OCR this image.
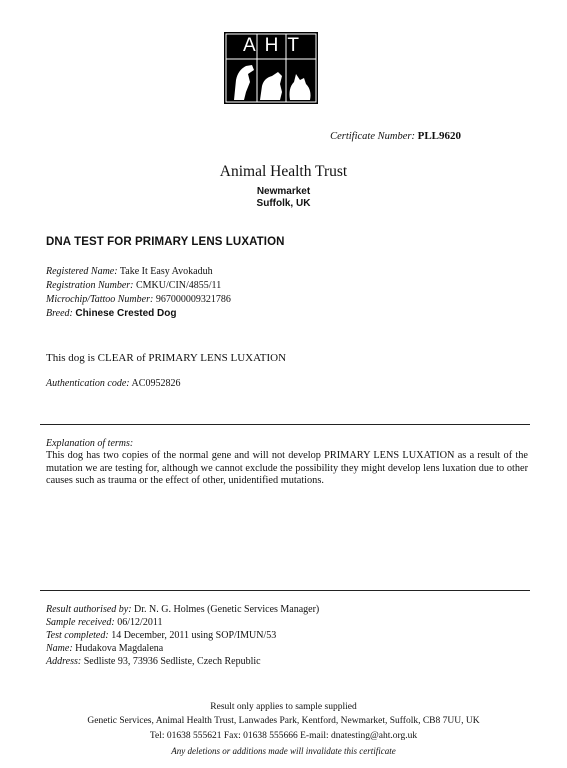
AHT
Certificate Number: PLL9620
Animal Health Trust
Newmarket
Suffolk, UK
DNA TEST FOR PRIMARY LENS LUXATION
Registered Name: Take It Easy Avokaduh
Registration Number: CMKU/CIN/4855/11
Microchip/Tattoo Number: 967000009321786
Breed: Chinese Crested Dog
This dog is CLEAR of PRIMARY LENS LUXATION
Authentication code: AC0952826
Explanation of terms:
This dog has two copies of the normal gene and will not develop PRIMARY LENS LUXATION as a result of the mutation we are testing for, although we cannot exclude the possibility they might develop lens luxation due to other causes such as trauma or the effect of other, unidentified mutations.
Result authorised by: Dr. N. G. Holmes (Genetic Services Manager)
Sample received: 06/12/2011
Test completed: 14 December, 2011 using SOP/IMUN/53
Name: Hudakova Magdalena
Address: Sedliste 93, 73936 Sedliste, Czech Republic
Result only applies to sample supplied
Genetic Services, Animal Health Trust, Lanwades Park, Kentford, Newmarket, Suffolk, CB8 7UU, UK
Tel: 01638 555621 Fax: 01638 555666 E-mail: dnatesting@aht.org.uk
Any deletions or additions made will invalidate this certificate
